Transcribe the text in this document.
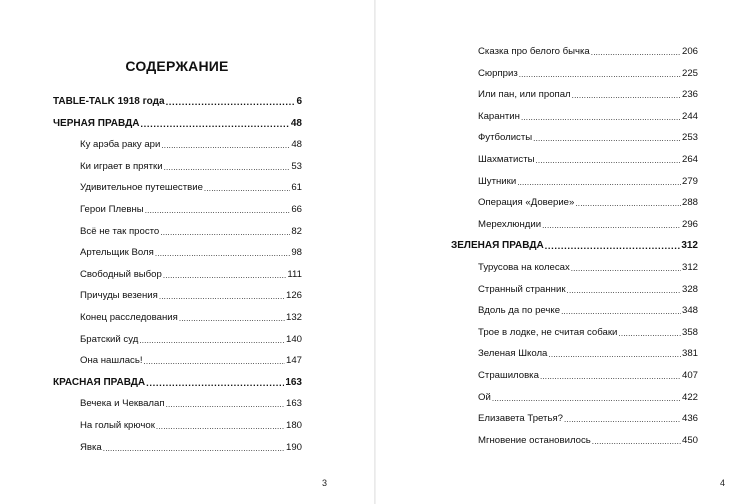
СОДЕРЖАНИЕ
TABLE-TALK 1918 года .....	6
ЧЕРНАЯ ПРАВДА .....	48
Ку арэба раку ари .....	48
Ки играет в прятки .....	53
Удивительное путешествие .....	61
Герои Плевны .....	66
Всё не так просто .....	82
Артельщик Воля .....	98
Свободный выбор .....	111
Причуды везения .....	126
Конец расследования .....	132
Братский суд .....	140
Она нашлась! .....	147
КРАСНАЯ ПРАВДА .....	163
Вечека и Чеквалап .....	163
На голый крючок .....	180
Явка .....	190
3
Сказка про белого бычка .....	206
Сюрприз .....	225
Или пан, или пропал .....	236
Карантин .....	244
Футболисты .....	253
Шахматисты .....	264
Шутники .....	279
Операция «Доверие» .....	288
Мерехлюндии .....	296
ЗЕЛЕНАЯ ПРАВДА .....	312
Турусова на колесах .....	312
Странный странник .....	328
Вдоль да по речке .....	348
Трое в лодке, не считая собаки .....	358
Зеленая Школа .....	381
Страшиловка .....	407
Ой .....	422
Елизавета Третья? .....	436
Мгновение остановилось .....	450
4
